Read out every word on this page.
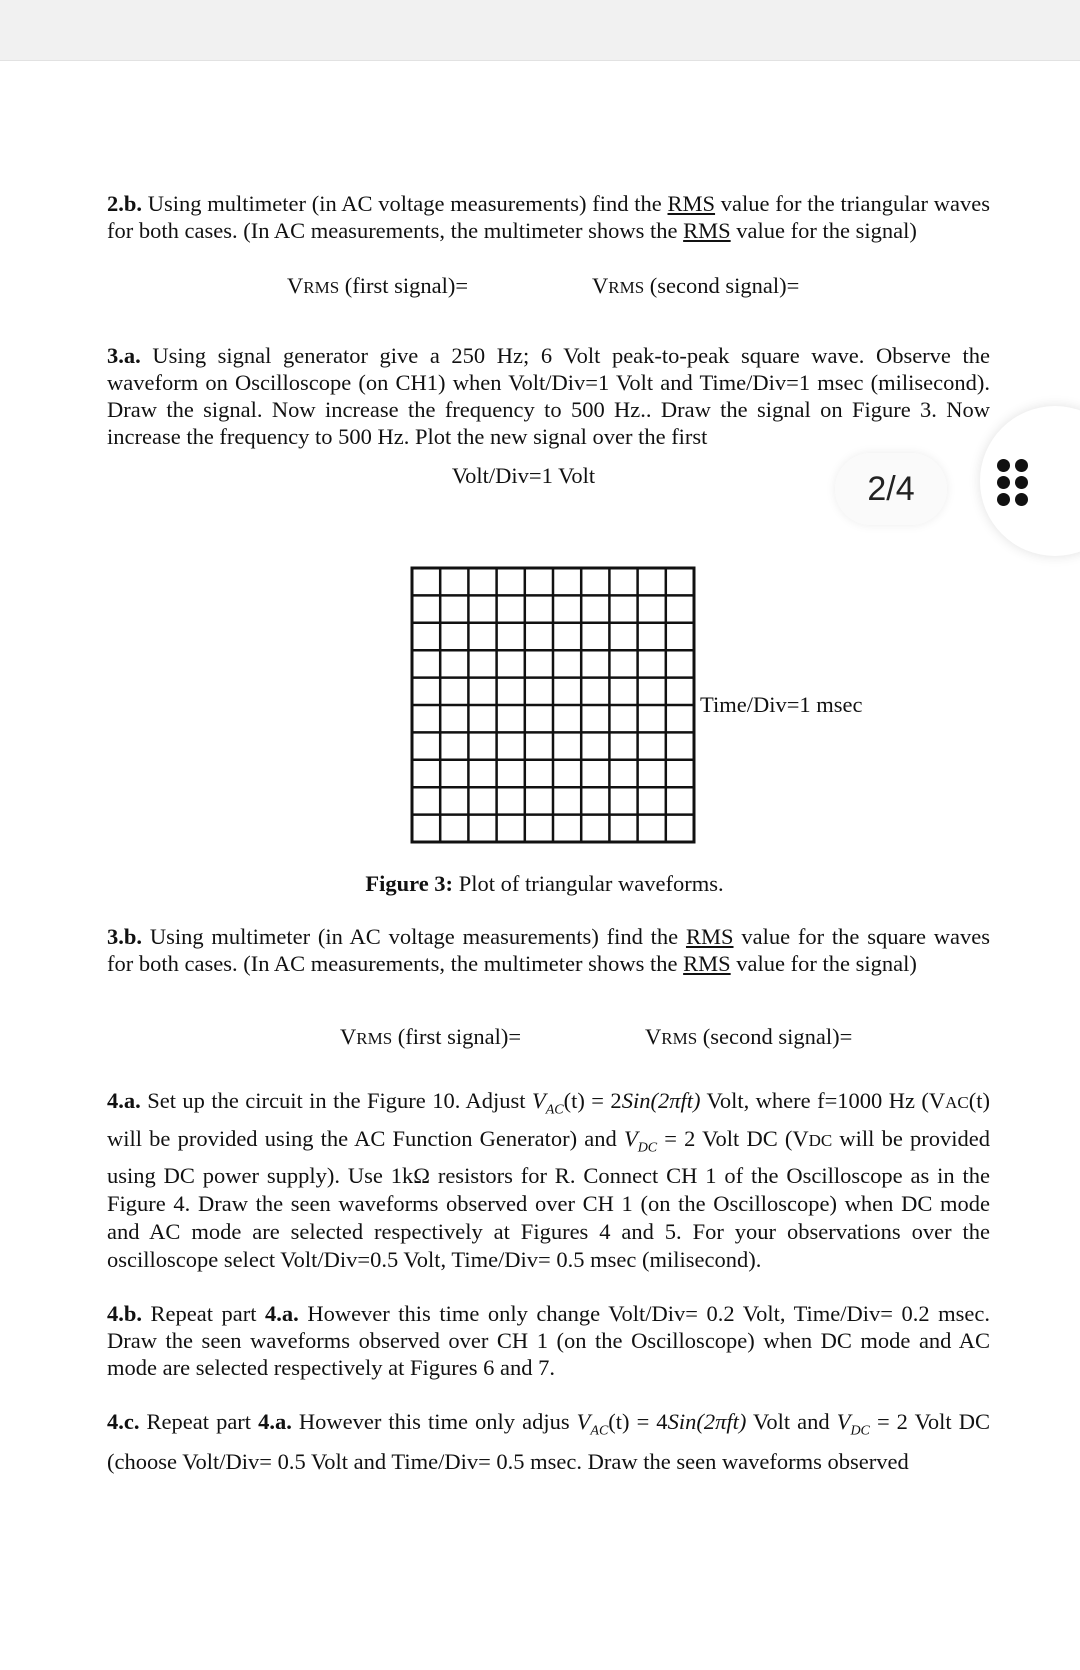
2.b. Using multimeter (in AC voltage measurements) find the RMS value for the triangular waves for both cases. (In AC measurements, the multimeter shows the RMS value for the signal)

VRMS (first signal)=	VRMS (second signal)=

3.a. Using signal generator give a 250 Hz; 6 Volt peak-to-peak square wave. Observe the waveform on Oscilloscope (on CH1) when Volt/Div=1 Volt and Time/Div=1 msec (milisecond). Draw the signal. Now increase the frequency to 500 Hz.. Draw the signal on Figure 3. Now increase the frequency to 500 Hz. Plot the new signal over the first

Volt/Div=1 Volt
Time/Div=1 msec
Figure 3: Plot of triangular waveforms.

3.b. Using multimeter (in AC voltage measurements) find the RMS value for the square waves for both cases. (In AC measurements, the multimeter shows the RMS value for the signal)

VRMS (first signal)=	VRMS (second signal)=

4.a. Set up the circuit in the Figure 10. Adjust $V_{AC}(t) = 2Sin(2\pi ft)$ Volt, where f=1000 Hz (VAC(t) will be provided using the AC Function Generator) and $V_{DC} = 2$ Volt DC (VDC will be provided using DC power supply). Use 1kΩ resistors for R. Connect CH 1 of the Oscilloscope as in the Figure 4. Draw the seen waveforms observed over CH 1 (on the Oscilloscope) when DC mode and AC mode are selected respectively at Figures 4 and 5. For your observations over the oscilloscope select Volt/Div=0.5 Volt, Time/Div= 0.5 msec (milisecond).

4.b. Repeat part 4.a. However this time only change Volt/Div= 0.2 Volt, Time/Div= 0.2 msec. Draw the seen waveforms observed over CH 1 (on the Oscilloscope) when DC mode and AC mode are selected respectively at Figures 6 and 7.

4.c. Repeat part 4.a. However this time only adjus $V_{AC}(t) = 4Sin(2\pi ft)$ Volt and $V_{DC} = 2$ Volt DC (choose Volt/Div= 0.5 Volt and Time/Div= 0.5 msec. Draw the seen waveforms observed

2/4
